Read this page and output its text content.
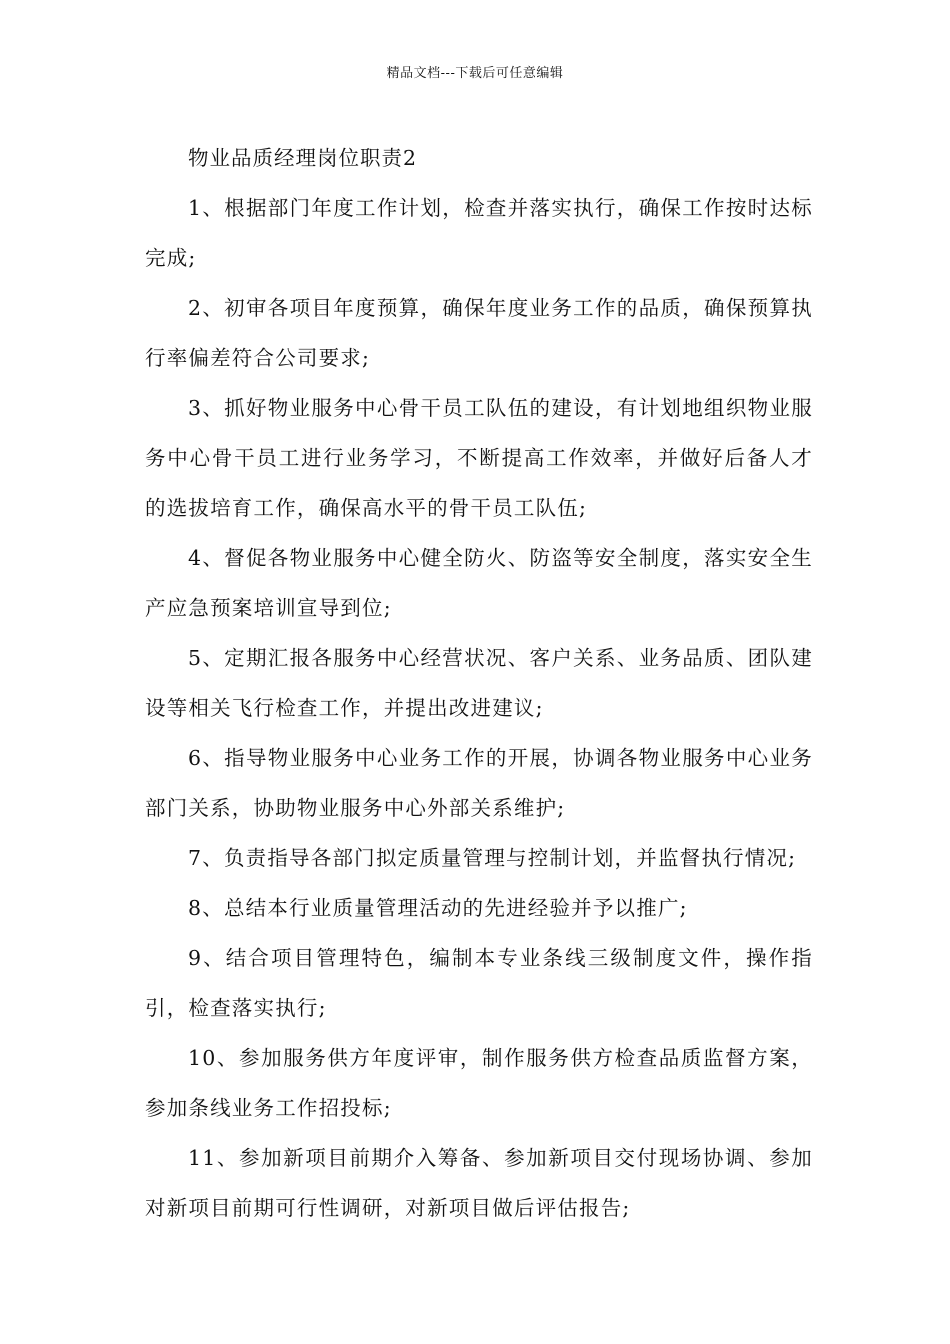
精品文档---下载后可任意编辑

物业品质经理岗位职责2

1、根据部门年度工作计划，检查并落实执行，确保工作按时达标完成;

2、初审各项目年度预算，确保年度业务工作的品质，确保预算执行率偏差符合公司要求;

3、抓好物业服务中心骨干员工队伍的建设，有计划地组织物业服务中心骨干员工进行业务学习，不断提高工作效率，并做好后备人才的选拔培育工作，确保高水平的骨干员工队伍;

4、督促各物业服务中心健全防火、防盗等安全制度，落实安全生产应急预案培训宣导到位;

5、定期汇报各服务中心经营状况、客户关系、业务品质、团队建设等相关飞行检查工作，并提出改进建议;

6、指导物业服务中心业务工作的开展，协调各物业服务中心业务部门关系，协助物业服务中心外部关系维护;

7、负责指导各部门拟定质量管理与控制计划，并监督执行情况;

8、总结本行业质量管理活动的先进经验并予以推广;

9、结合项目管理特色，编制本专业条线三级制度文件，操作指引，检查落实执行;

10、参加服务供方年度评审，制作服务供方检查品质监督方案，参加条线业务工作招投标;

11、参加新项目前期介入筹备、参加新项目交付现场协调、参加对新项目前期可行性调研，对新项目做后评估报告;
